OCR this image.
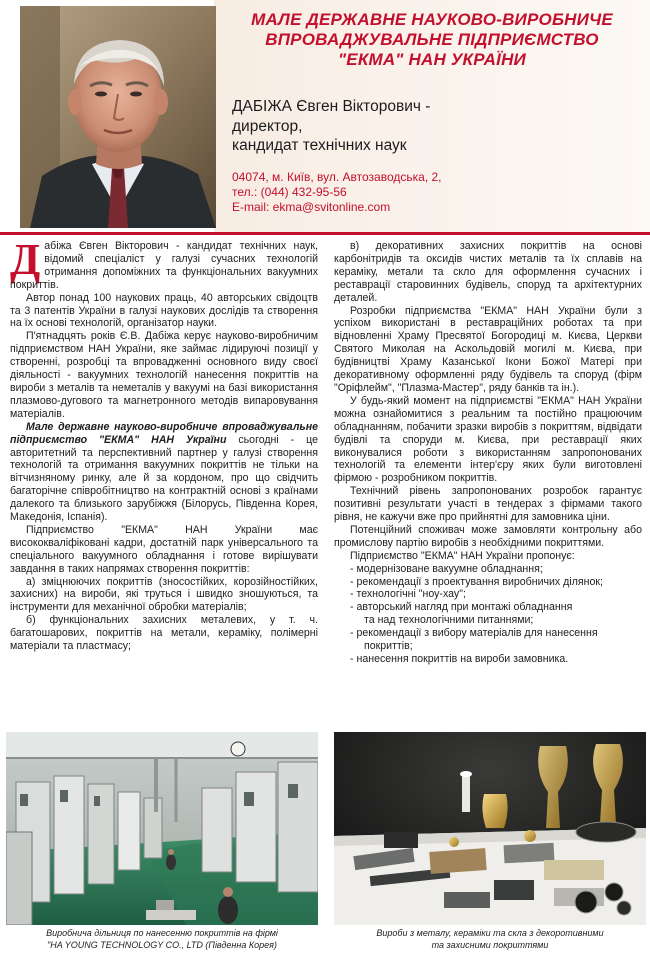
МАЛЕ ДЕРЖАВНЕ НАУКОВО-ВИРОБНИЧЕ
ВПРОВАДЖУВАЛЬНЕ ПІДПРИЄМСТВО
"ЕКМА" НАН УКРАЇНИ
ДАБІЖА Євген Вікторович -
директор,
кандидат технічних наук
04074, м. Київ, вул. Автозаводська, 2,
тел.: (044) 432-95-56
E-mail: ekma@svitonline.com

Дабіжа Євген Вікторович - кандидат технічних наук, відомий спеціаліст у галузі сучасних технологій отримання допоміжних та функціональних вакуумних покриттів.

Автор понад 100 наукових праць, 40 авторських свідоцтв та 3 патентів України в галузі наукових дослідів та створення на їх основі технологій, організатор науки.

П'ятнадцять років Є.В. Дабіжа керує науково-виробничим підприємством НАН України, яке займає лідируючі позиції у створенні, розробці та впровадженні основного виду своєї діяльності - вакуумних технологій нанесення покриттів на вироби з металів та неметалів у вакуумі на базі використання плазмово-дугового та магнетронного методів випаровування матеріалів.

Мале державне науково-виробниче впроваджувальне підприємство "ЕКМА" НАН України сьогодні - це авторитетний та перспективний партнер у галузі створення технологій та отримання вакуумних покриттів не тільки на вітчизняному ринку, але й за кордоном, про що свідчить багаторічне співробітництво на контрактній основі з країнами далекого та близького зарубіжжя (Білорусь, Південна Корея, Македонія, Іспанія).

Підприємство "ЕКМА" НАН України має висококваліфіковані кадри, достатній парк універсального та спеціального вакуумного обладнання і готове вирішувати завдання в таких напрямах створення покриттів:

а) зміцнюючих покриттів (зносостійких, корозійностійких, захисних) на вироби, які труться і швидко зношуються, та інструменти для механічної обробки матеріалів;

б) функціональних захисних металевих, у т. ч. багатошарових, покриттів на метали, кераміку, полімерні матеріали та пластмасу;

в) декоративних захисних покриттів на основі карбонітридів та оксидів чистих металів та їх сплавів на кераміку, метали та скло для оформлення сучасних і реставрації старовинних будівель, споруд та архітектурних деталей.

Розробки підприємства "ЕКМА" НАН України були з успіхом використані в реставраційних роботах та при відновленні Храму Пресвятої Богородиці м. Києва, Церкви Святого Миколая на Аскольдовій могилі м. Києва, при будівництві Храму Казанської Ікони Божої Матері при декоративному оформленні ряду будівель та споруд (фірм "Оріфлейм", "Плазма-Мастер", ряду банків та ін.).

У будь-який момент на підприємстві "ЕКМА" НАН України можна ознайомитися з реальним та постійно працюючим обладнанням, побачити зразки виробів з покриттям, відвідати будівлі та споруди м. Києва, при реставрації яких виконувалися роботи з використанням запропонованих технологій та елементи інтер'єру яких були виготовлені фірмою - розробником покриттів.

Технічний рівень запропонованих розробок гарантує позитивні результати участі в тендерах з фірмами такого рівня, не кажучи вже про прийнятні для замовника ціни.

Потенційний споживач може замовляти контрольну або промислову партію виробів з необхідними покриттями.

Підприємство "ЕКМА" НАН України пропонує:

- модернізоване вакуумне обладнання;

- рекомендації з проектування виробничих ділянок;

- технологічні "ноу-хау";

- авторський нагляд при монтажі обладнання

та над технологічними питаннями;

- рекомендації з вибору матеріалів для нанесення

покриттів;

- нанесення покриттів на вироби замовника.

Виробнича дільниця по нанесенню покриттів на фірмі
"HA YOUNG TECHNOLOGY CO., LTD (Південна Корея)
Вироби з металу, кераміки та скла з декоротивними
та захисними покриттями
